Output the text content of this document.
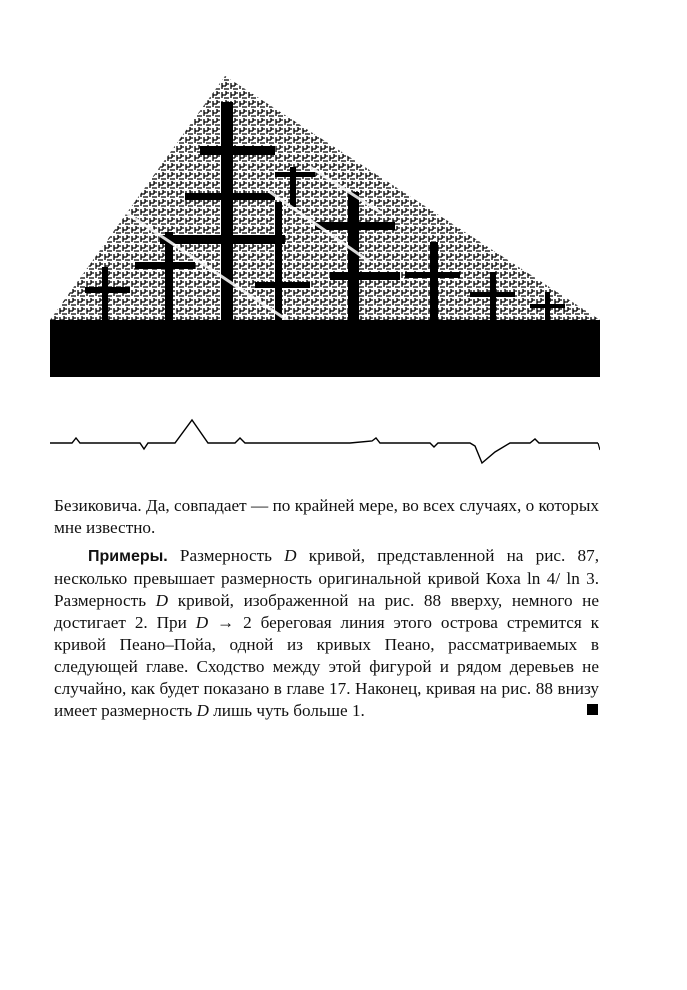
Безиковича. Да, совпадает — по крайней мере, во всех случаях, о которых мне известно.
Примеры. Размерность D кривой, представленной на рис. 87, несколько превышает размерность оригинальной кривой Коха ln 4/ ln 3. Размерность D кривой, изображенной на рис. 88 вверху, немного не достигает 2. При D → 2 береговая линия этого острова стремится к кривой Пеано–Пойа, одной из кривых Пеано, рассматриваемых в следующей главе. Сходство между этой фигурой и рядом деревьев не случайно, как будет показано в главе 17. Наконец, кривая на рис. 88 внизу имеет размерность D лишь чуть больше 1.
